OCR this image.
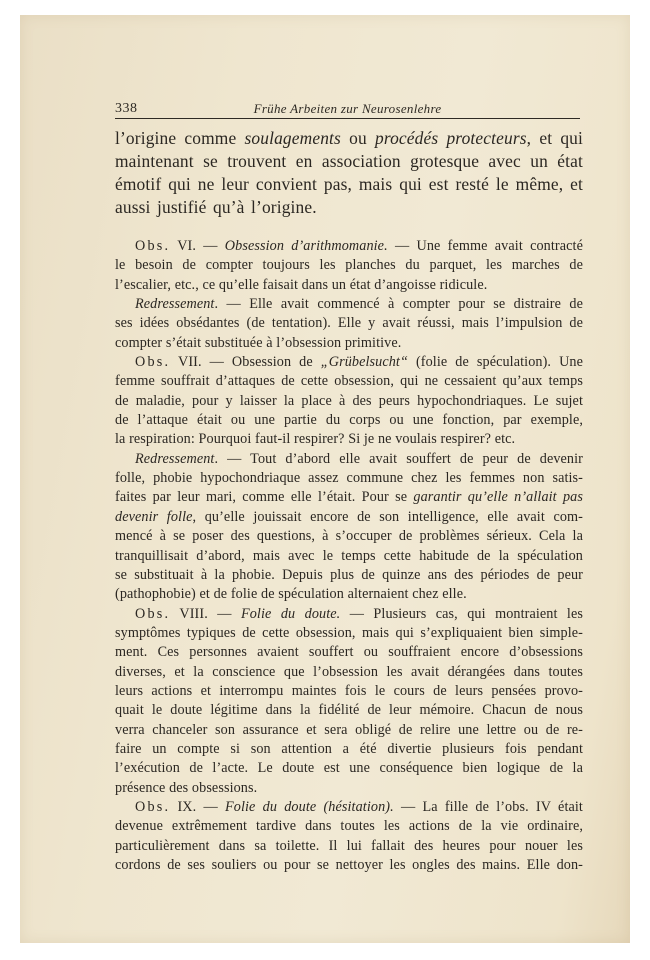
338	Frühe Arbeiten zur Neurosenlehre
l’origine comme soulagements ou procédés protecteurs, et qui
maintenant se trouvent en association grotesque avec un état
émotif qui ne leur convient pas, mais qui est resté le même, et
aussi justifié qu’à l’origine.
Obs. VI. — Obsession d’arithmomanie. — Une femme avait contracté
le besoin de compter toujours les planches du parquet, les marches de
l’escalier, etc., ce qu’elle faisait dans un état d’angoisse ridicule.
Redressement. — Elle avait commencé à compter pour se distraire de
ses idées obsédantes (de tentation). Elle y avait réussi, mais l’impulsion de
compter s’était substituée à l’obsession primitive.
Obs. VII. — Obsession de „Grübelsucht“ (folie de spéculation). Une
femme souffrait d’attaques de cette obsession, qui ne cessaient qu’aux temps
de maladie, pour y laisser la place à des peurs hypochondriaques. Le sujet
de l’attaque était ou une partie du corps ou une fonction, par exemple,
la respiration: Pourquoi faut-il respirer? Si je ne voulais respirer? etc.
Redressement. — Tout d’abord elle avait souffert de peur de devenir
folle, phobie hypochondriaque assez commune chez les femmes non satis-
faites par leur mari, comme elle l’était. Pour se garantir qu’elle n’allait pas
devenir folle, qu’elle jouissait encore de son intelligence, elle avait com-
mencé à se poser des questions, à s’occuper de problèmes sérieux. Cela la
tranquillisait d’abord, mais avec le temps cette habitude de la spéculation
se substituait à la phobie. Depuis plus de quinze ans des périodes de peur
(pathophobie) et de folie de spéculation alternaient chez elle.
Obs. VIII. — Folie du doute. — Plusieurs cas, qui montraient les
symptômes typiques de cette obsession, mais qui s’expliquaient bien simple-
ment. Ces personnes avaient souffert ou souffraient encore d’obsessions
diverses, et la conscience que l’obsession les avait dérangées dans toutes
leurs actions et interrompu maintes fois le cours de leurs pensées provo-
quait le doute légitime dans la fidélité de leur mémoire. Chacun de nous
verra chanceler son assurance et sera obligé de relire une lettre ou de re-
faire un compte si son attention a été divertie plusieurs fois pendant
l’exécution de l’acte. Le doute est une conséquence bien logique de la
présence des obsessions.
Obs. IX. — Folie du doute (hésitation). — La fille de l’obs. IV était
devenue extrêmement tardive dans toutes les actions de la vie ordinaire,
particulièrement dans sa toilette. Il lui fallait des heures pour nouer les
cordons de ses souliers ou pour se nettoyer les ongles des mains. Elle don-
